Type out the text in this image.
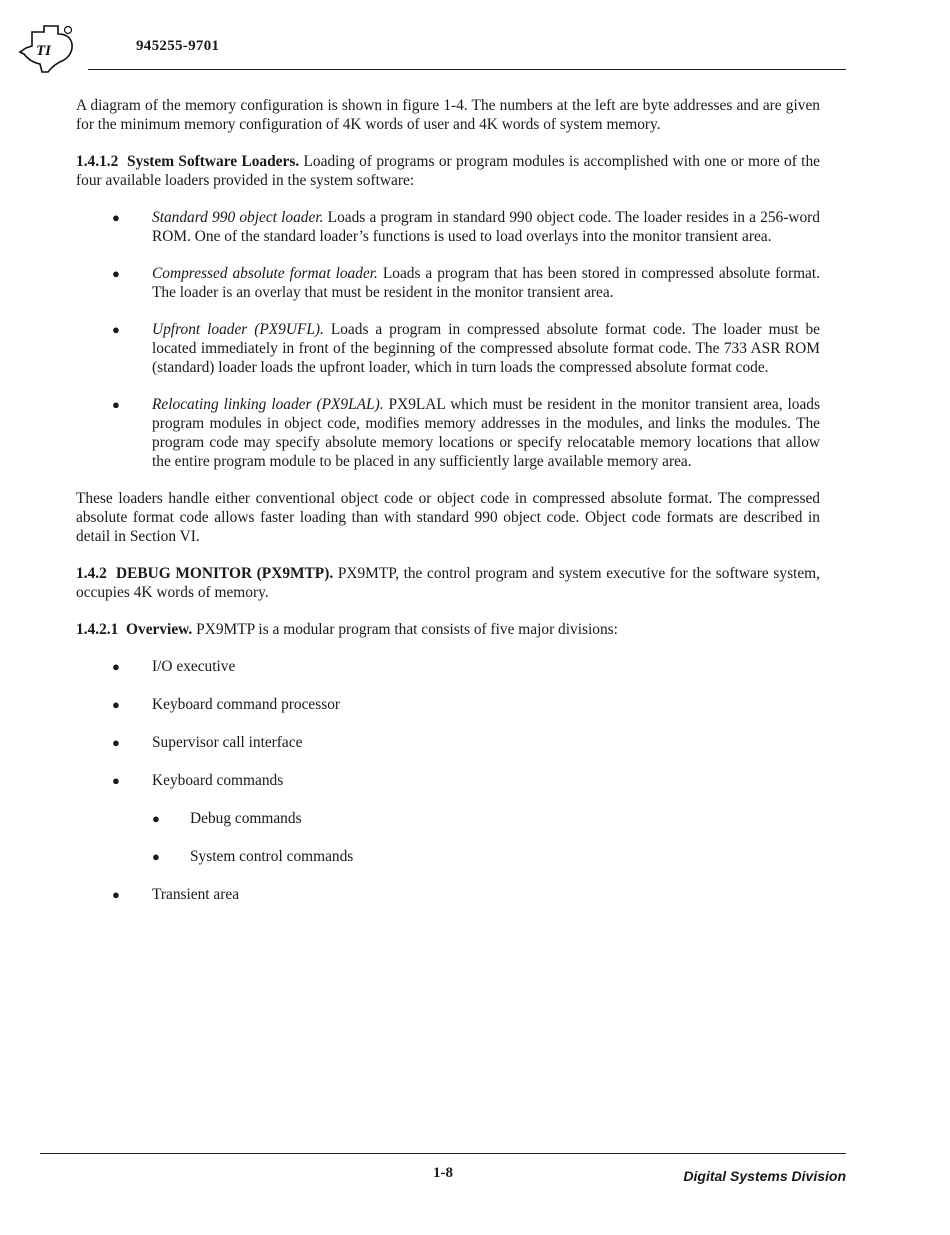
TI	945255-9701

A diagram of the memory configuration is shown in figure 1-4. The numbers at the left are byte addresses and are given for the minimum memory configuration of 4K words of user and 4K words of system memory.

1.4.1.2 System Software Loaders. Loading of programs or program modules is accomplished with one or more of the four available loaders provided in the system software:

● Standard 990 object loader. Loads a program in standard 990 object code. The loader resides in a 256-word ROM. One of the standard loader’s functions is used to load overlays into the monitor transient area.
● Compressed absolute format loader. Loads a program that has been stored in compressed absolute format. The loader is an overlay that must be resident in the monitor transient area.
● Upfront loader (PX9UFL). Loads a program in compressed absolute format code. The loader must be located immediately in front of the beginning of the compressed absolute format code. The 733 ASR ROM (standard) loader loads the upfront loader, which in turn loads the compressed absolute format code.
● Relocating linking loader (PX9LAL). PX9LAL which must be resident in the monitor transient area, loads program modules in object code, modifies memory addresses in the modules, and links the modules. The program code may specify absolute memory locations or specify relocatable memory locations that allow the entire program module to be placed in any sufficiently large available memory area.

These loaders handle either conventional object code or object code in compressed absolute format. The compressed absolute format code allows faster loading than with standard 990 object code. Object code formats are described in detail in Section VI.

1.4.2 DEBUG MONITOR (PX9MTP). PX9MTP, the control program and system executive for the software system, occupies 4K words of memory.

1.4.2.1 Overview. PX9MTP is a modular program that consists of five major divisions:

● I/O executive
● Keyboard command processor
● Supervisor call interface
● Keyboard commands
● Debug commands
● System control commands
● Transient area
1-8	Digital Systems Division
